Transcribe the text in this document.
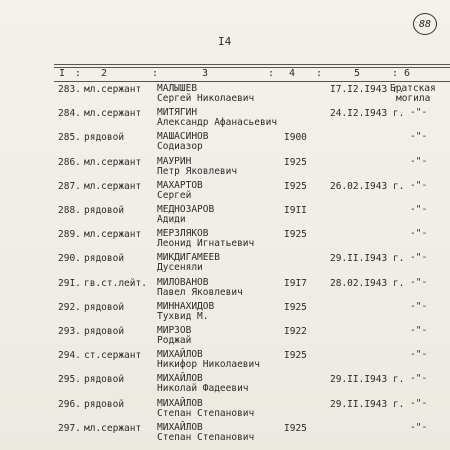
88
I4
I : 2	:	3	: 4 :	5	: 6
283. мл.сержант МАЛЫШЕВ
Сергей Николаевич
I7.I2.I943 г.
Братская
могила
284. мл.сержант МИТЯГИН
Александр Афанасьевич
24.I2.I943 г. -"-
285. рядовой	МАШАСИНОВ
Содиазор
I900	-"-
286. мл.сержант МАУРИН
Петр Яковлевич
I925	-"-
287. мл.сержант МАХАРТОВ
Сергей
I925 26.02.I943 г. -"-
288. рядовой	МЕДНОЗАРОВ
Адиди
I9II	-"-
289. мл.сержант МЕРЗЛЯКОВ
Леонид Игнатьевич
I925	-"-
290. рядовой	МИКДИГАМЕЕВ
Дусеняли
29.II.I943 г. -"-
29I. гв.ст.лейт. МИЛОВАНОВ
Павел Яковлевич
I9I7 28.02.I943 г. -"-
292. рядовой	МИННАХИДОВ
Тухвид М.
I925	-"-
293. рядовой	МИРЗОВ
Роджай
I922	-"-
294. ст.сержант МИХАЙЛОВ
Никифор Николаевич
I925	-"-
295. рядовой	МИХАЙЛОВ
Николай Фадеевич
29.II.I943 г. -"-
296. рядовой	МИХАЙЛОВ
Степан Степанович
29.II.I943 г. -"-
297. мл.сержант МИХАЙЛОВ
Степан Степанович
I925	-"-
